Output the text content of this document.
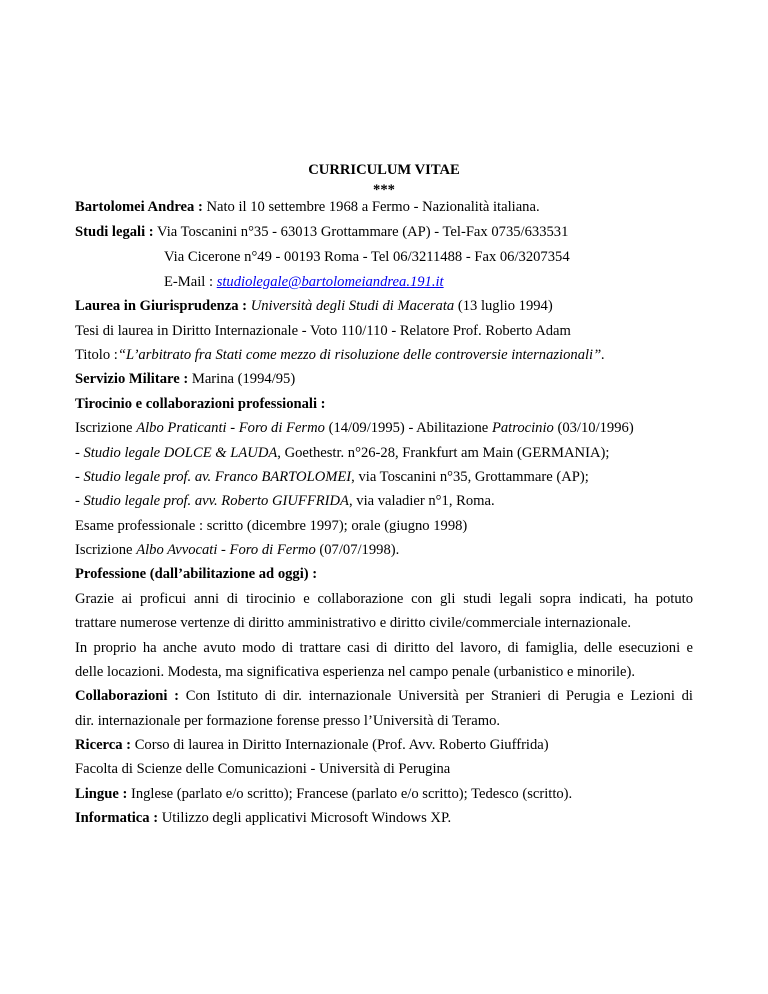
CURRICULUM VITAE
***
Bartolomei Andrea : Nato il 10 settembre 1968 a Fermo - Nazionalità italiana.
Studi legali : Via Toscanini n°35 - 63013 Grottammare (AP) - Tel-Fax 0735/633531
Via Cicerone n°49 - 00193 Roma - Tel 06/3211488 - Fax 06/3207354
E-Mail : studiolegale@bartolomeiandrea.191.it
Laurea in Giurisprudenza : Università degli Studi di Macerata (13 luglio 1994)
Tesi di laurea in Diritto Internazionale - Voto 110/110 - Relatore Prof. Roberto Adam
Titolo :“L’arbitrato fra Stati come mezzo di risoluzione delle controversie internazionali”.
Servizio Militare : Marina (1994/95)
Tirocinio e collaborazioni professionali :
Iscrizione Albo Praticanti - Foro di Fermo (14/09/1995) - Abilitazione Patrocinio (03/10/1996)
- Studio legale DOLCE & LAUDA, Goethestr. n°26-28, Frankfurt am Main (GERMANIA);
- Studio legale prof. av. Franco BARTOLOMEI, via Toscanini n°35, Grottammare (AP);
- Studio legale prof. avv. Roberto GIUFFRIDA, via valadier n°1, Roma.
Esame professionale : scritto (dicembre 1997); orale (giugno 1998)
Iscrizione Albo Avvocati - Foro di Fermo (07/07/1998).
Professione (dall’abilitazione ad oggi) :
Grazie ai proficui anni di tirocinio e collaborazione con gli studi legali sopra indicati, ha potuto
trattare numerose vertenze di diritto amministrativo e diritto civile/commerciale internazionale.
In proprio ha anche avuto modo di trattare casi di diritto del lavoro, di famiglia, delle esecuzioni e
delle locazioni. Modesta, ma significativa esperienza nel campo penale (urbanistico e minorile).
Collaborazioni : Con Istituto di dir. internazionale Università per Stranieri di Perugia e Lezioni di
dir. internazionale per formazione forense presso l’Università di Teramo.
Ricerca : Corso di laurea in Diritto Internazionale (Prof. Avv. Roberto Giuffrida)
Facolta di Scienze delle Comunicazioni - Università di Perugina
Lingue : Inglese (parlato e/o scritto); Francese (parlato e/o scritto); Tedesco (scritto).
Informatica : Utilizzo degli applicativi Microsoft Windows XP.
